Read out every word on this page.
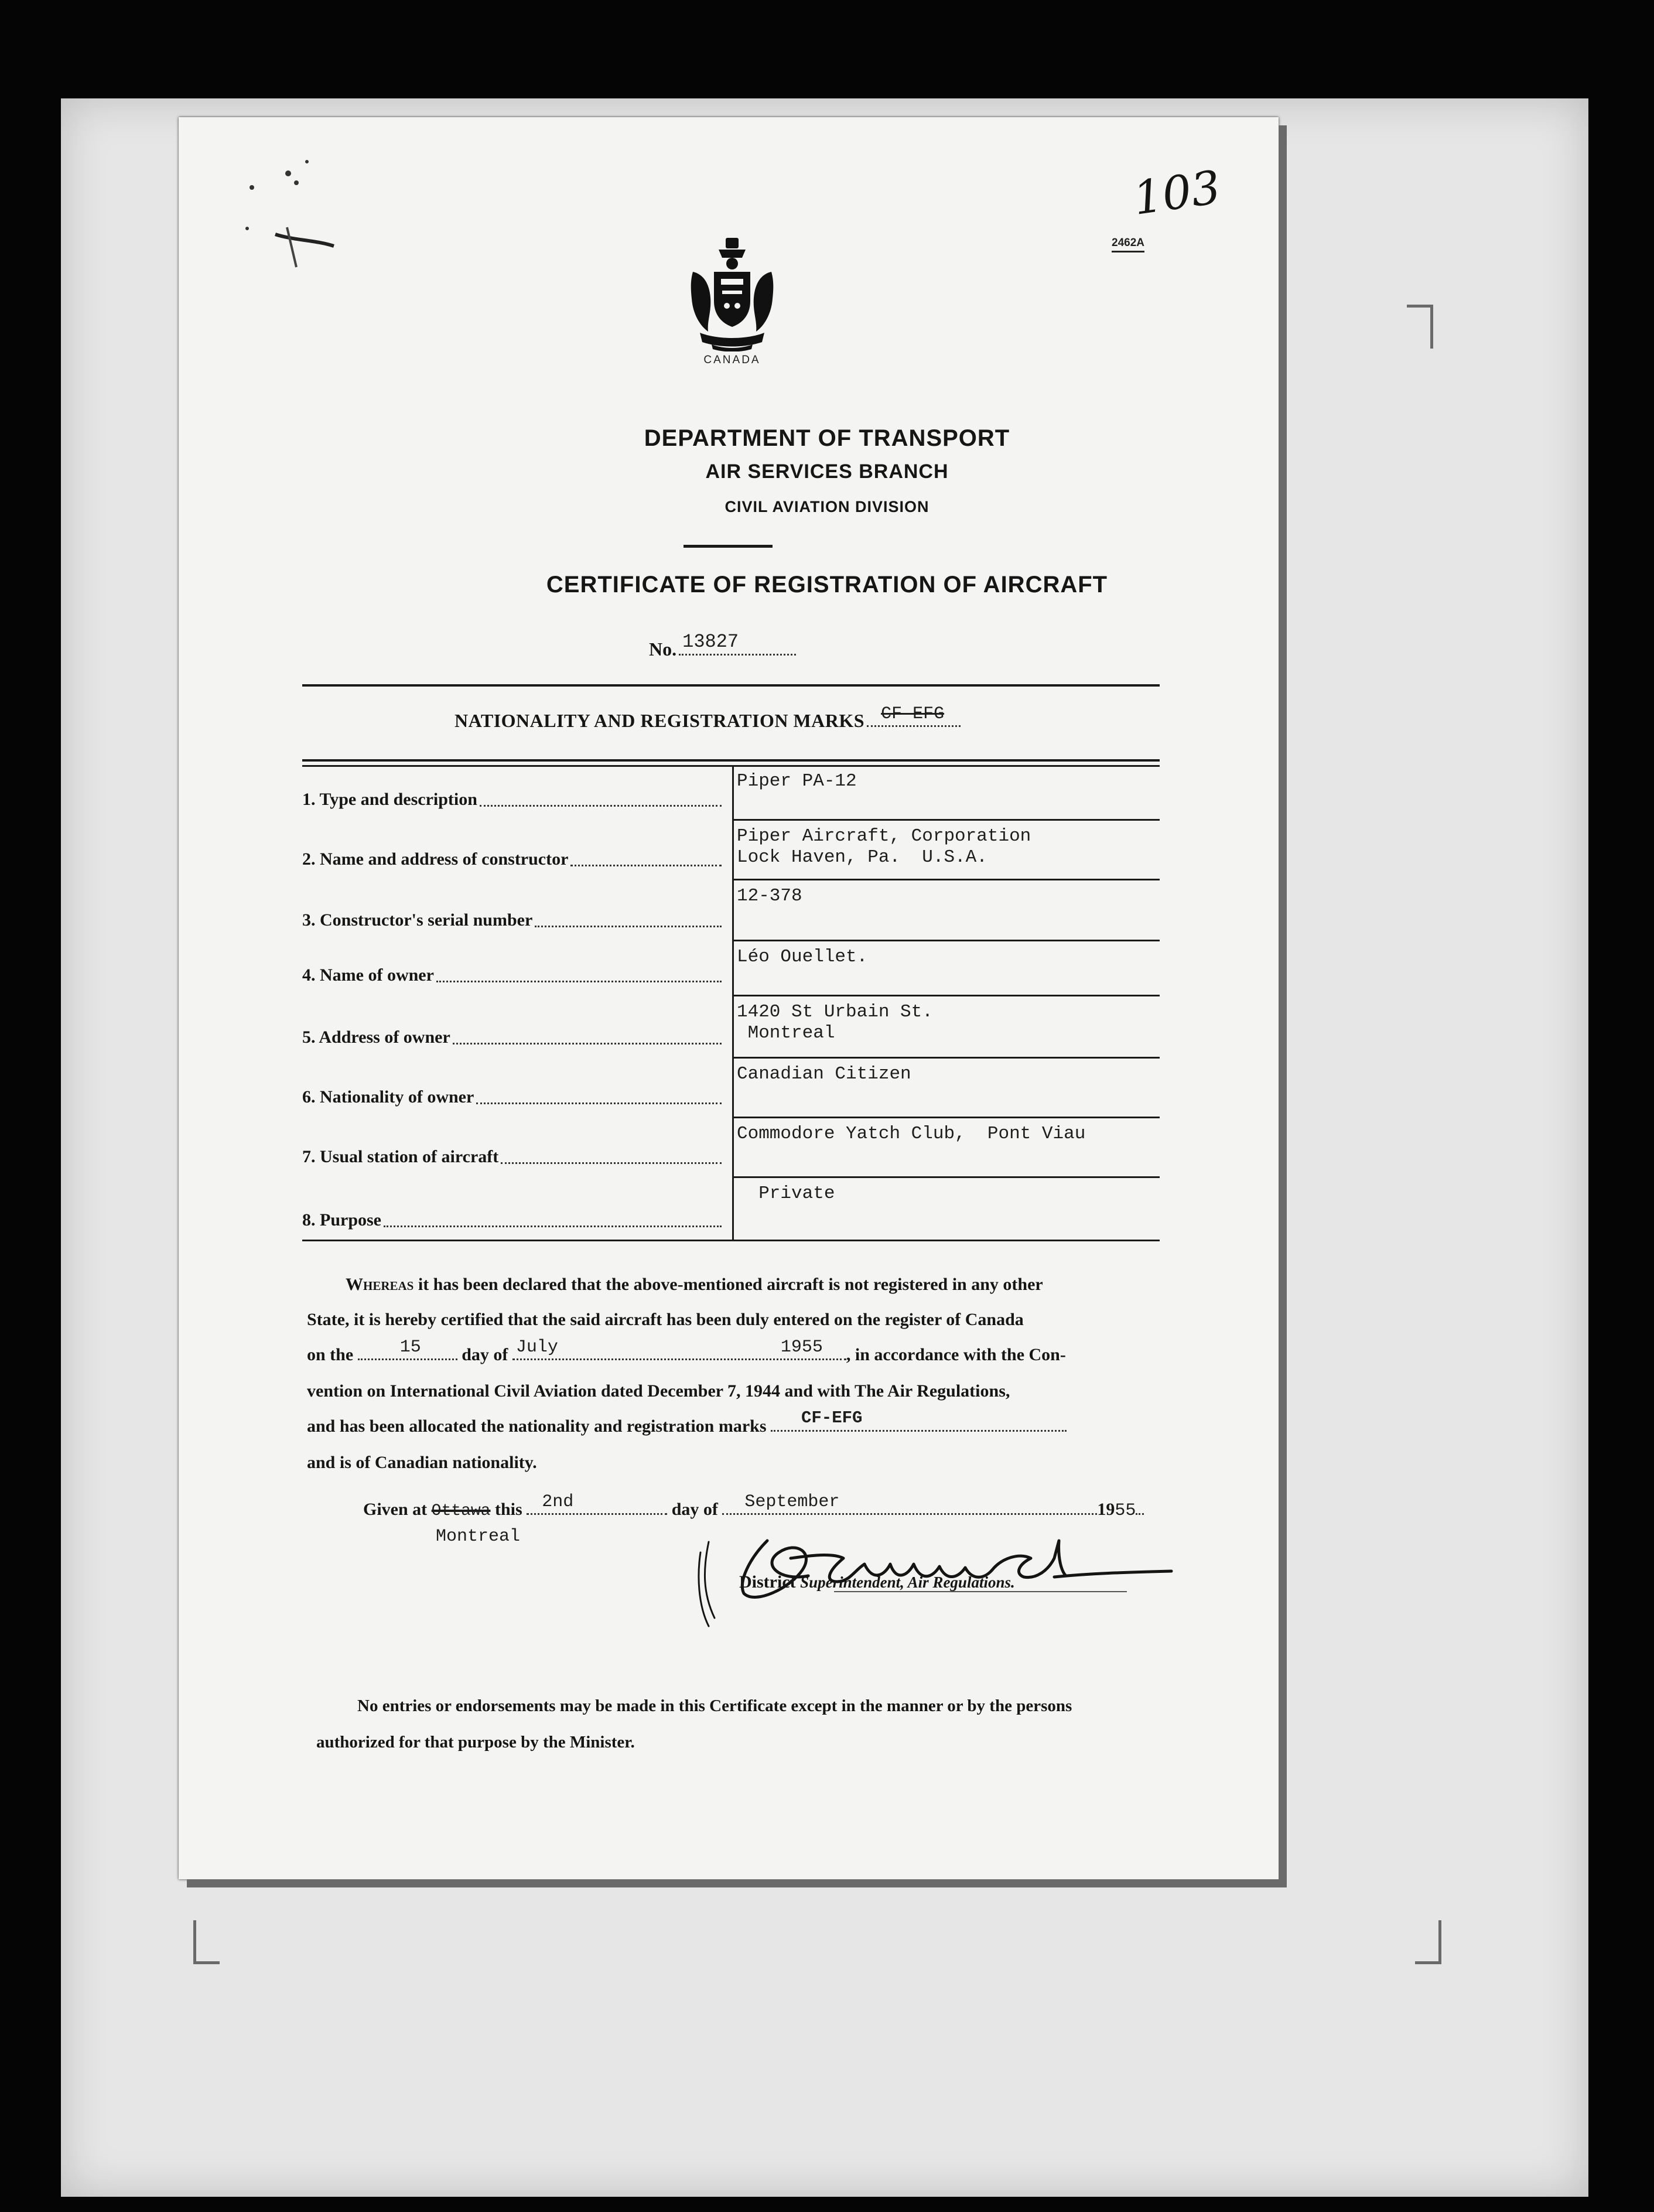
103
2462A
CANADA
DEPARTMENT OF TRANSPORT
AIR SERVICES BRANCH
CIVIL AVIATION DIVISION
CERTIFICATE OF REGISTRATION OF AIRCRAFT
No. 13827
NATIONALITY AND REGISTRATION MARKS CF-EFG
1. Type and description
Piper PA-12
2. Name and address of constructor
Piper Aircraft, Corporation
Lock Haven, Pa.  U.S.A.
3. Constructor's serial number
12-378
4. Name of owner
Léo Ouellet.
5. Address of owner
1420 St Urbain St.
Montreal
6. Nationality of owner
Canadian Citizen
7. Usual station of aircraft
Commodore Yatch Club,  Pont Viau
8. Purpose
Private
Whereas it has been declared that the above-mentioned aircraft is not registered in any other
State, it is hereby certified that the said aircraft has been duly entered on the register of Canada
on the	15 day of July	1955 , in accordance with the Con-
vention on International Civil Aviation dated December 7, 1944 and with The Air Regulations,
and has been allocated the nationality and registration marks CF-EFG
and is of Canadian nationality.
Given at Ottawa this 2nd	day of September	1955
Montreal
District Superintendent, Air Regulations.
No entries or endorsements may be made in this Certificate except in the manner or by the persons
authorized for that purpose by the Minister.
